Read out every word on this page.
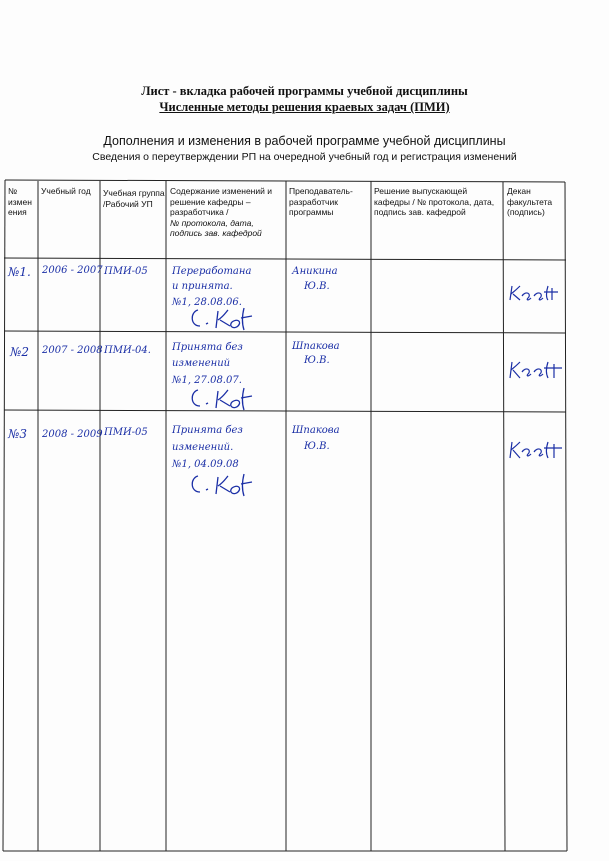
Лист - вкладка рабочей программы учебной дисциплины
Численные методы решения краевых задач (ПМИ)
Дополнения и изменения в рабочей программе учебной дисциплины
Сведения о переутверждении РП на очередной учебный год и регистрация изменений
№ измен ения
Учебный год	Учебная группа /Рабочий УП
Содержание изменений и решение кафедры – разработчика /
№ протокола, дата, подпись зав. кафедрой
Преподаватель-разработчик программы
Решение выпускающей кафедры / № протокола, дата, подпись зав. кафедрой
Декан факультета (подпись)
№1. 2006 - 2007 ПМИ-05 Переработана
и принята.
№1, 28.08.06.
Аникина
Ю.В.
№2 2007 - 2008 ПМИ-04. Принята без
изменений
№1, 27.08.07.
Шпакова
Ю.В.
№3 2008 - 2009 ПМИ-05 Принята без
изменений.
№1, 04.09.08
Шпакова
Ю.В.
